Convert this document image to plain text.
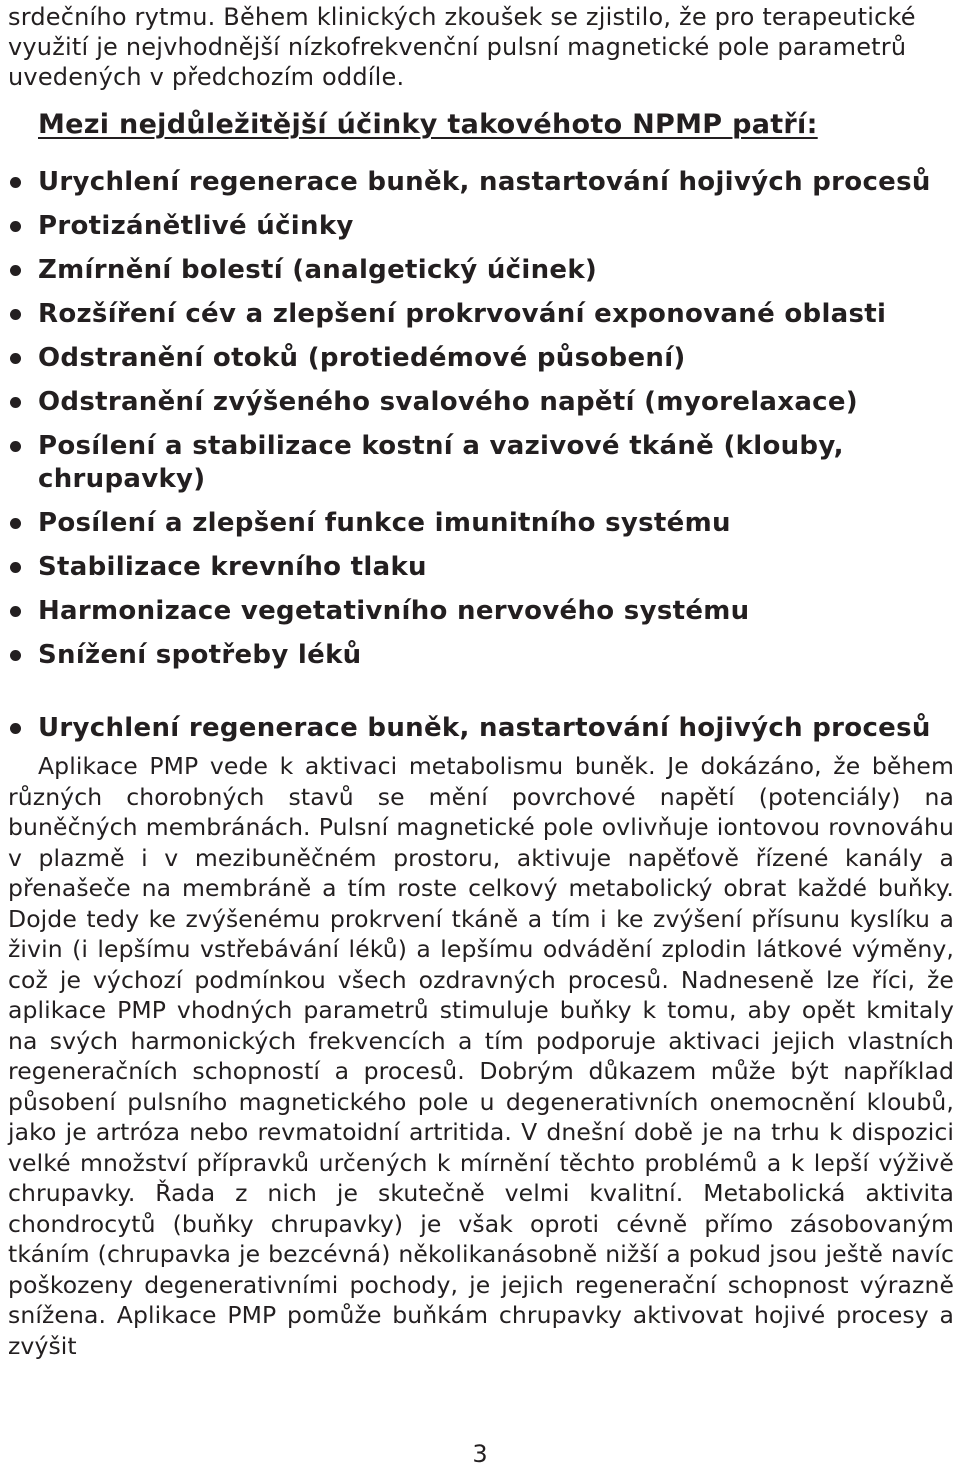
srdečního rytmu. Během klinických zkoušek se zjistilo, že pro terapeutické využití je nejvhodnější nízkofrekvenční pulsní magnetické pole parametrů uvedených v předchozím oddíle.

Mezi nejdůležitější účinky takovéhoto NPMP patří:
Urychlení regenerace buněk, nastartování hojivých procesů
Protizánětlivé účinky
Zmírnění bolestí (analgetický účinek)
Rozšíření cév a zlepšení prokrvování exponované oblasti
Odstranění otoků (protiedémové působení)
Odstranění zvýšeného svalového napětí (myorelaxace)
Posílení a stabilizace kostní a vazivové tkáně (klouby, chrupavky)
Posílení a zlepšení funkce imunitního systému
Stabilizace krevního tlaku
Harmonizace vegetativního nervového systému
Snížení spotřeby léků
Urychlení regenerace buněk, nastartování hojivých procesů

Aplikace PMP vede k aktivaci metabolismu buněk. Je dokázáno, že během různých chorobných stavů se mění povrchové napětí (potenciály) na buněčných membránách. Pulsní magnetické pole ovlivňuje iontovou rovnováhu v plazmě i v mezibuněčném prostoru, aktivuje napěťově řízené kanály a přenašeče na membráně a tím roste celkový metabolický obrat každé buňky. Dojde tedy ke zvýšenému prokrvení tkáně a tím i ke zvýšení přísunu kyslíku a živin (i lepšímu vstřebávání léků) a lepšímu odvádění zplodin látkové výměny, což je výchozí podmínkou všech ozdravných procesů. Nadneseně lze říci, že aplikace PMP vhodných parametrů stimuluje buňky k tomu, aby opět kmitaly na svých harmonických frekvencích a tím podporuje aktivaci jejich vlastních regeneračních schopností a procesů. Dobrým důkazem může být například působení pulsního magnetického pole u degenerativních onemocnění kloubů, jako je artróza nebo revmatoidní artritida. V dnešní době je na trhu k dispozici velké množství přípravků určených k mírnění těchto problémů a k lepší výživě chrupavky. Řada z nich je skutečně velmi kvalitní. Metabolická aktivita chondrocytů (buňky chrupavky) je však oproti cévně přímo zásobovaným tkáním (chrupavka je bezcévná) několikanásobně nižší a pokud jsou ještě navíc poškozeny degenerativními pochody, je jejich regenerační schopnost výrazně snížena. Aplikace PMP pomůže buňkám chrupavky aktivovat hojivé procesy a zvýšit

3
